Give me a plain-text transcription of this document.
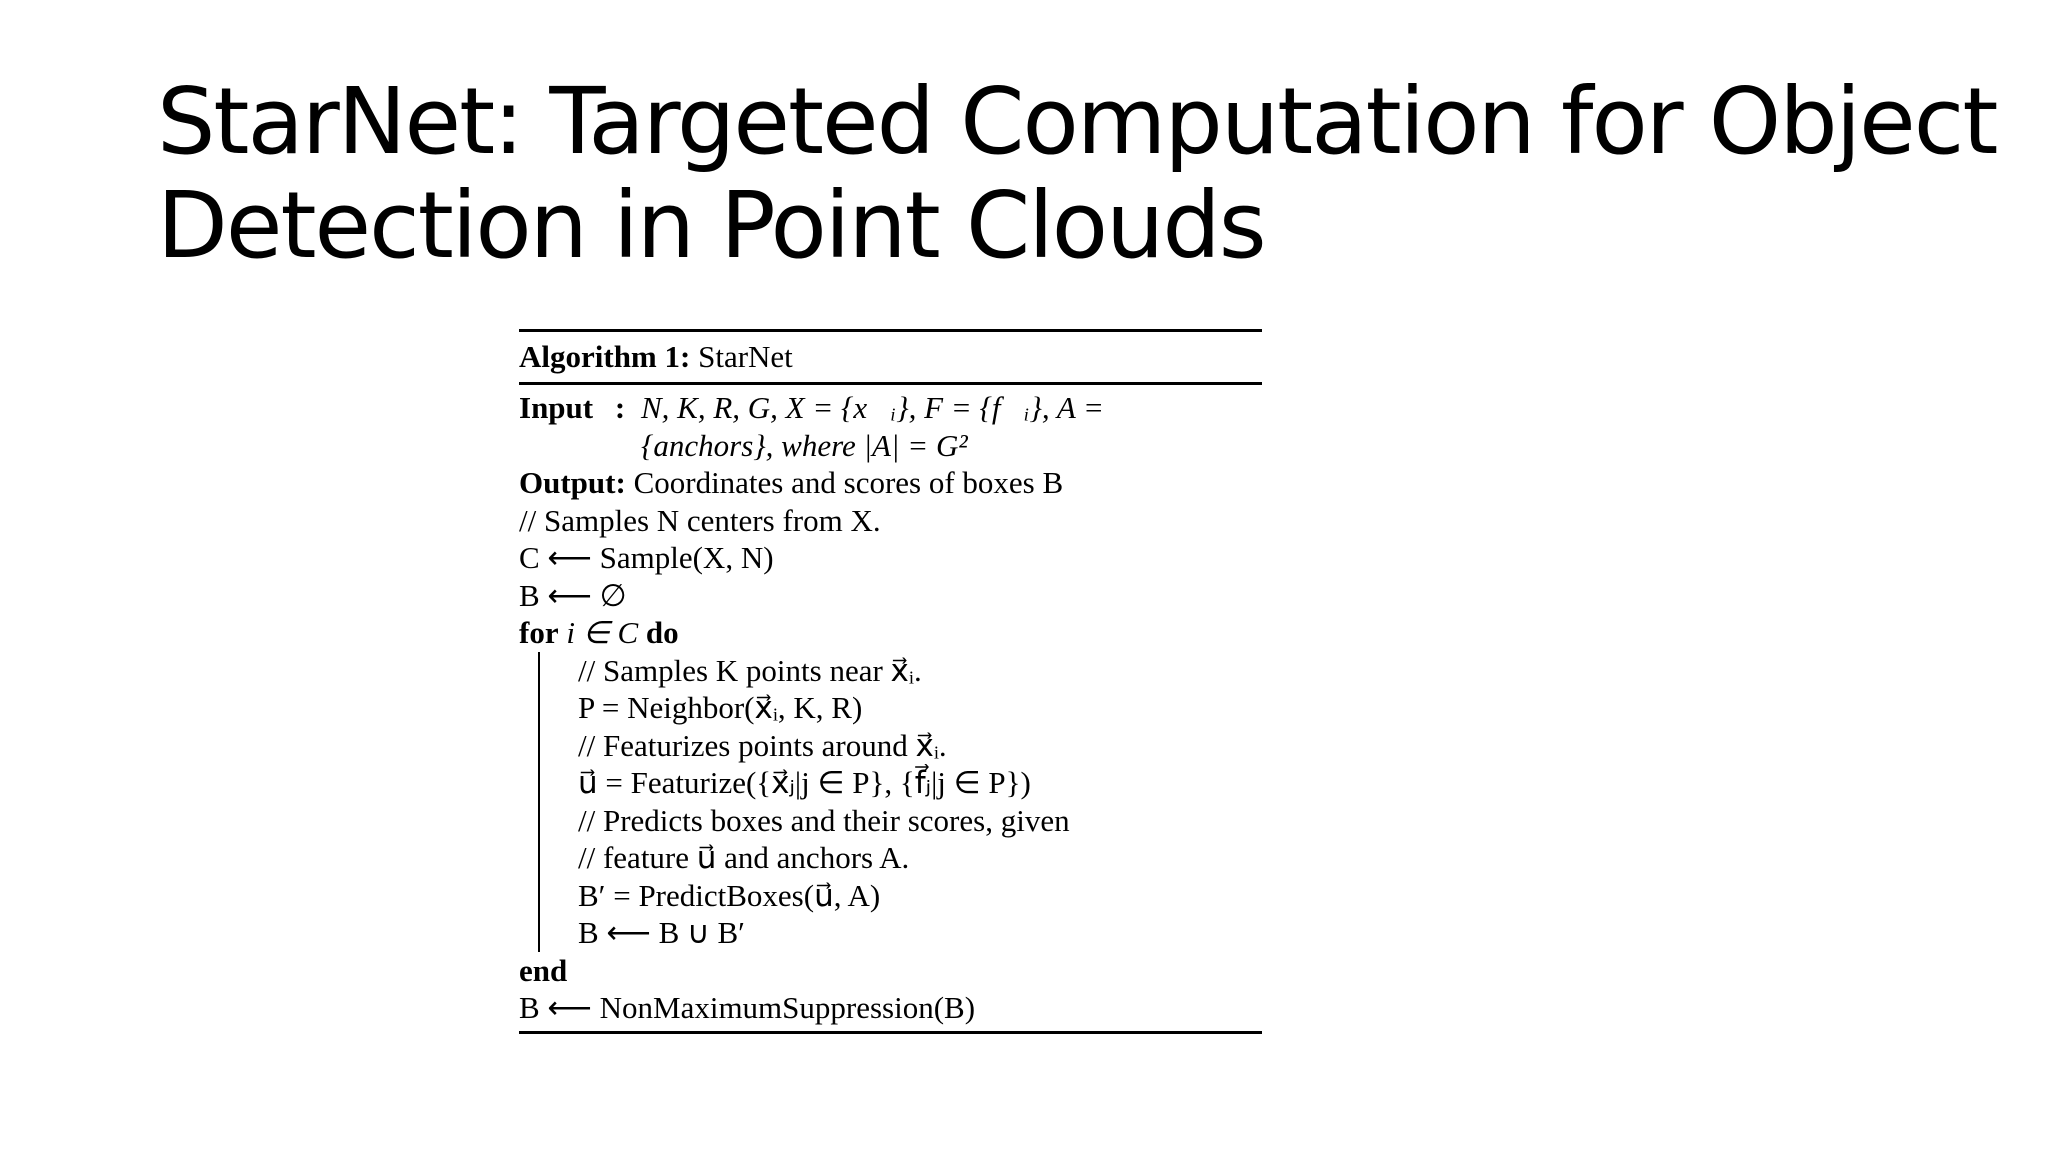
StarNet: Targeted Computation for Object
Detection in Point Clouds
Algorithm 1: StarNet
Input : N, K, R, G, X = {x⃗ᵢ}, F = {f⃗ᵢ}, A =
{anchors}, where |A| = G²
Output: Coordinates and scores of boxes B
// Samples N centers from X.
C ⟵ Sample(X, N)
B ⟵ ∅
for i ∈ C do
// Samples K points near x⃗ᵢ.
P = Neighbor(x⃗ᵢ, K, R)
// Featurizes points around x⃗ᵢ.
u⃗ = Featurize({x⃗ⱼ|j ∈ P}, {f⃗ⱼ|j ∈ P})
// Predicts boxes and their scores, given
// feature u⃗ and anchors A.
B′ = PredictBoxes(u⃗, A)
B ⟵ B ∪ B′
end
B ⟵ NonMaximumSuppression(B)
